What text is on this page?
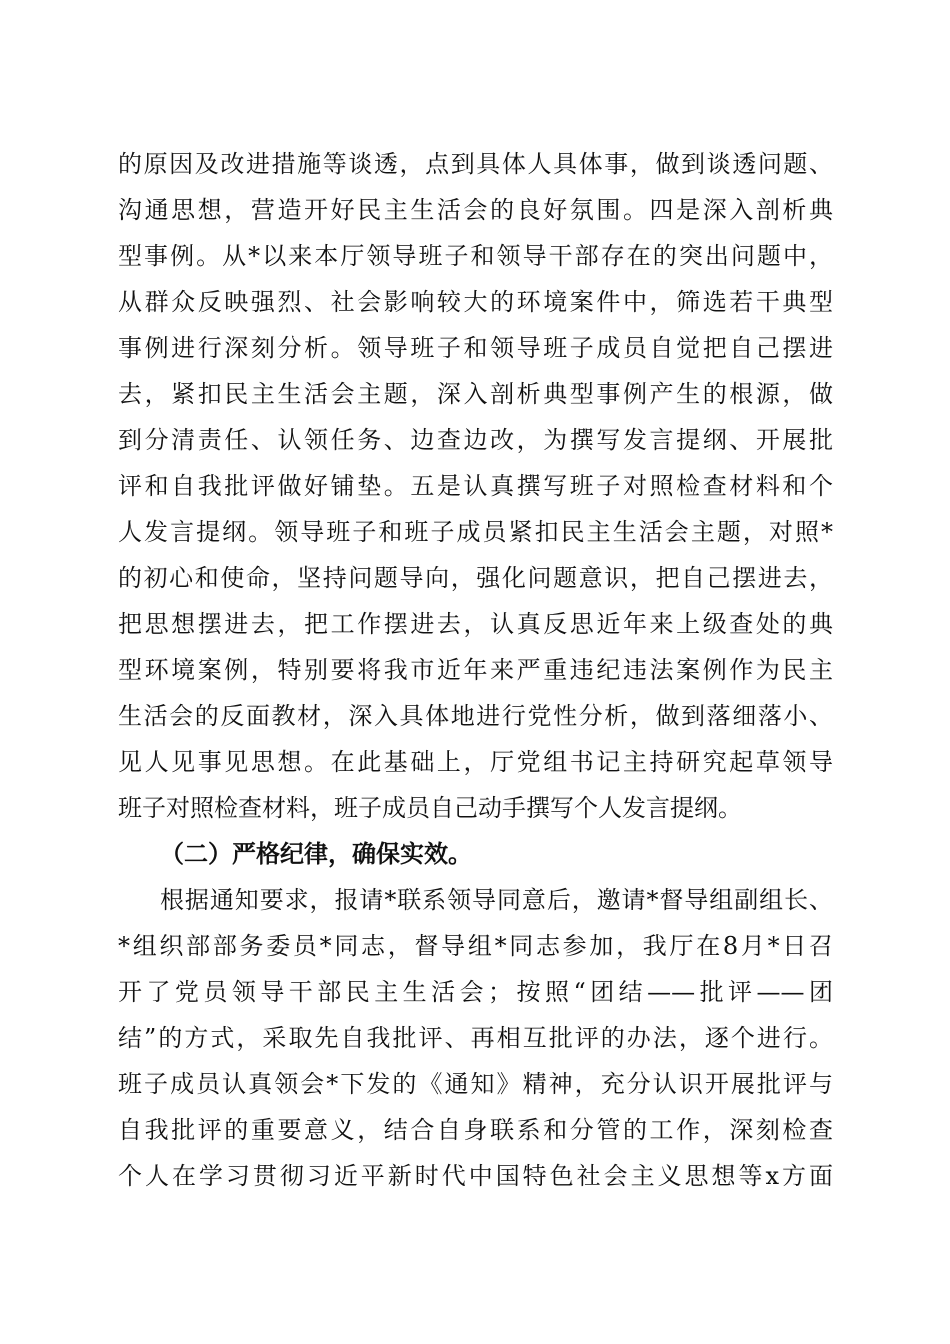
的原因及改进措施等谈透，点到具体人具体事，做到谈透问题、
沟通思想，营造开好民主生活会的良好氛围。四是深入剖析典
型事例。从*以来本厅领导班子和领导干部存在的突出问题中，
从群众反映强烈、社会影响较大的环境案件中，筛选若干典型
事例进行深刻分析。领导班子和领导班子成员自觉把自己摆进
去，紧扣民主生活会主题，深入剖析典型事例产生的根源，做
到分清责任、认领任务、边查边改，为撰写发言提纲、开展批
评和自我批评做好铺垫。五是认真撰写班子对照检查材料和个
人发言提纲。领导班子和班子成员紧扣民主生活会主题，对照*
的初心和使命，坚持问题导向，强化问题意识，把自己摆进去，
把思想摆进去，把工作摆进去，认真反思近年来上级查处的典
型环境案例，特别要将我市近年来严重违纪违法案例作为民主
生活会的反面教材，深入具体地进行党性分析，做到落细落小、
见人见事见思想。在此基础上，厅党组书记主持研究起草领导
班子对照检查材料，班子成员自己动手撰写个人发言提纲。
（二）严格纪律，确保实效。
根据通知要求，报请*联系领导同意后，邀请*督导组副组长、
*组织部部务委员*同志，督导组*同志参加，我厅在8月*日召
开了党员领导干部民主生活会；按照“团结——批评——团
结”的方式，采取先自我批评、再相互批评的办法，逐个进行。
班子成员认真领会*下发的《通知》精神，充分认识开展批评与
自我批评的重要意义，结合自身联系和分管的工作，深刻检查
个人在学习贯彻习近平新时代中国特色社会主义思想等x方面
